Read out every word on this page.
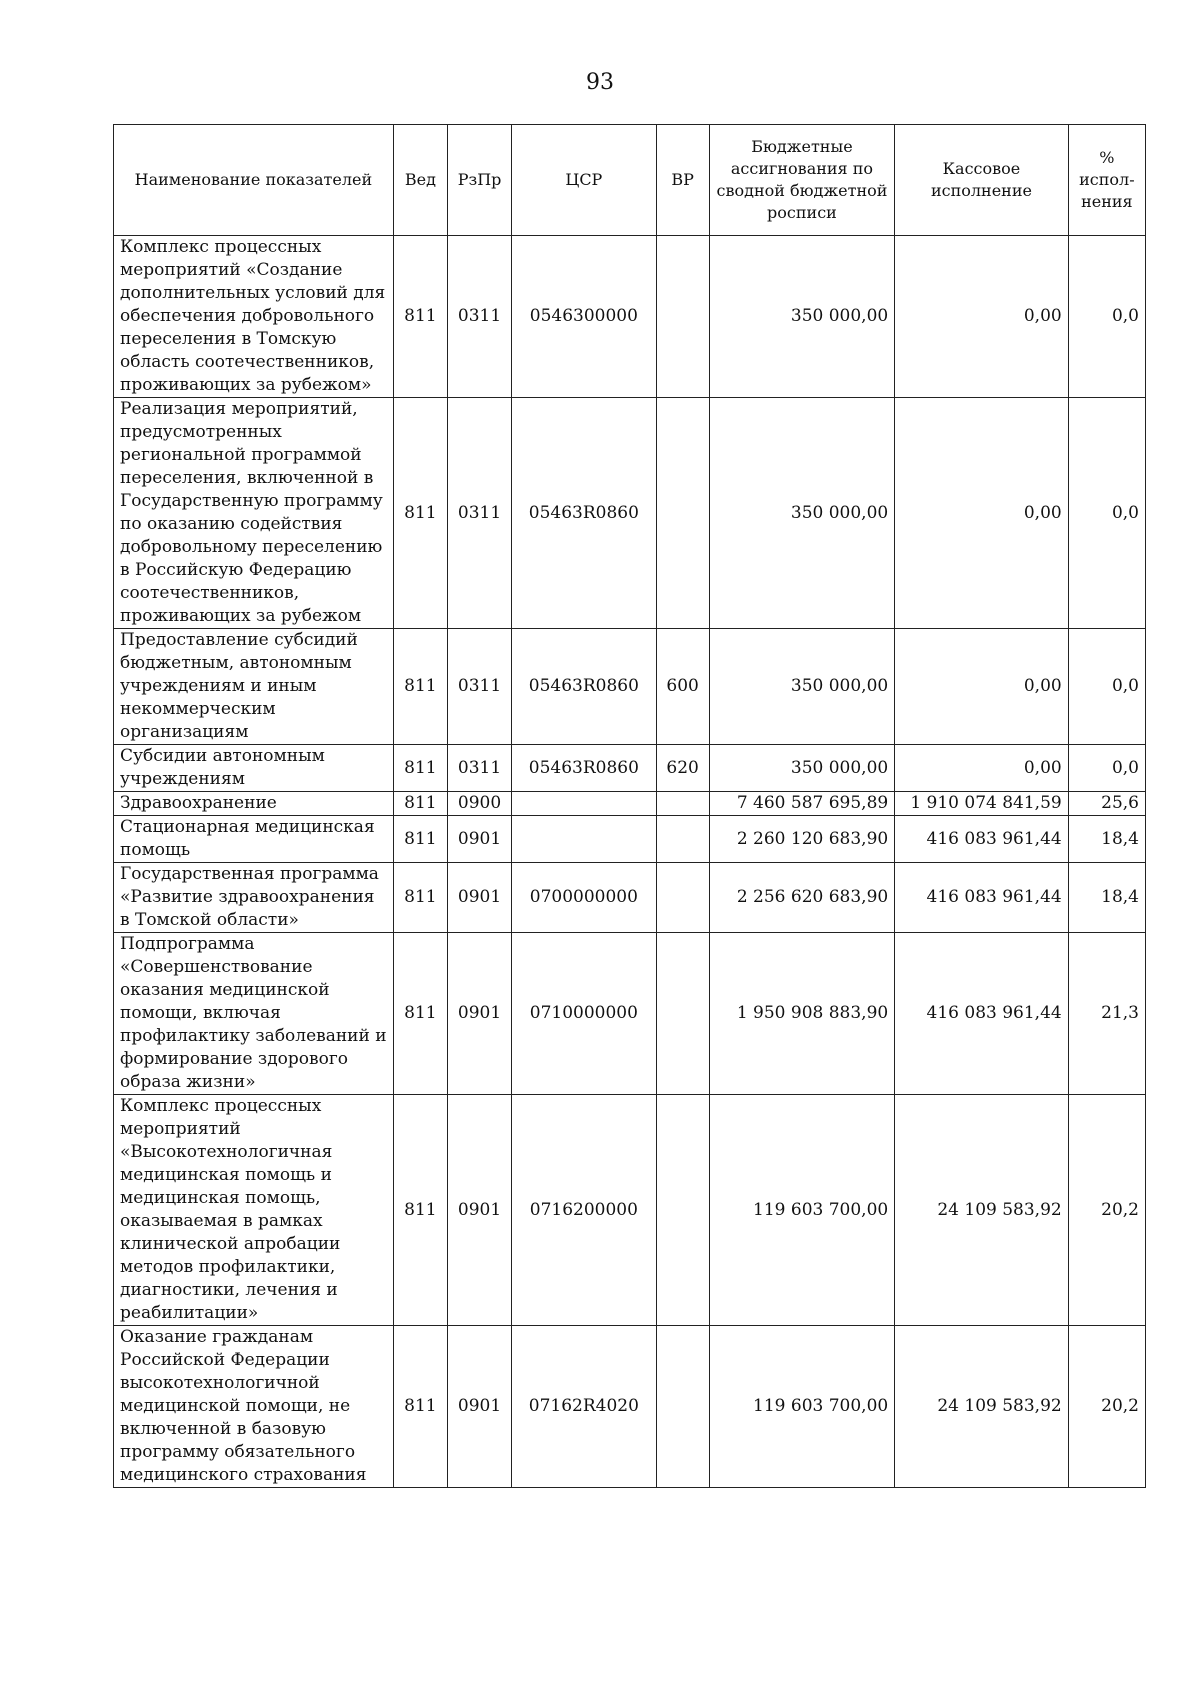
93
Наименование показателей	Вед	РзПр	ЦСР	ВР	Бюджетные ассигнования по сводной бюджетной росписи	Кассовое исполнение	% испол-нения
Комплекс процессных мероприятий «Создание дополнительных условий для обеспечения добровольного переселения в Томскую область соотечественников, проживающих за рубежом»	811	0311	0546300000		350 000,00	0,00	0,0
Реализация мероприятий, предусмотренных региональной программой переселения, включенной в Государственную программу по оказанию содействия добровольному переселению в Российскую Федерацию соотечественников, проживающих за рубежом	811	0311	05463R0860		350 000,00	0,00	0,0
Предоставление субсидий бюджетным, автономным учреждениям и иным некоммерческим организациям	811	0311	05463R0860	600	350 000,00	0,00	0,0
Субсидии автономным учреждениям	811	0311	05463R0860	620	350 000,00	0,00	0,0
Здравоохранение	811	0900			7 460 587 695,89	1 910 074 841,59	25,6
Стационарная медицинская помощь	811	0901			2 260 120 683,90	416 083 961,44	18,4
Государственная программа «Развитие здравоохранения в Томской области»	811	0901	0700000000		2 256 620 683,90	416 083 961,44	18,4
Подпрограмма «Совершенствование оказания медицинской помощи, включая профилактику заболеваний и формирование здорового образа жизни»	811	0901	0710000000		1 950 908 883,90	416 083 961,44	21,3
Комплекс процессных мероприятий «Высокотехнологичная медицинская помощь и медицинская помощь, оказываемая в рамках клинической апробации методов профилактики, диагностики, лечения и реабилитации»	811	0901	0716200000		119 603 700,00	24 109 583,92	20,2
Оказание гражданам Российской Федерации высокотехнологичной медицинской помощи, не включенной в базовую программу обязательного медицинского страхования	811	0901	07162R4020		119 603 700,00	24 109 583,92	20,2
